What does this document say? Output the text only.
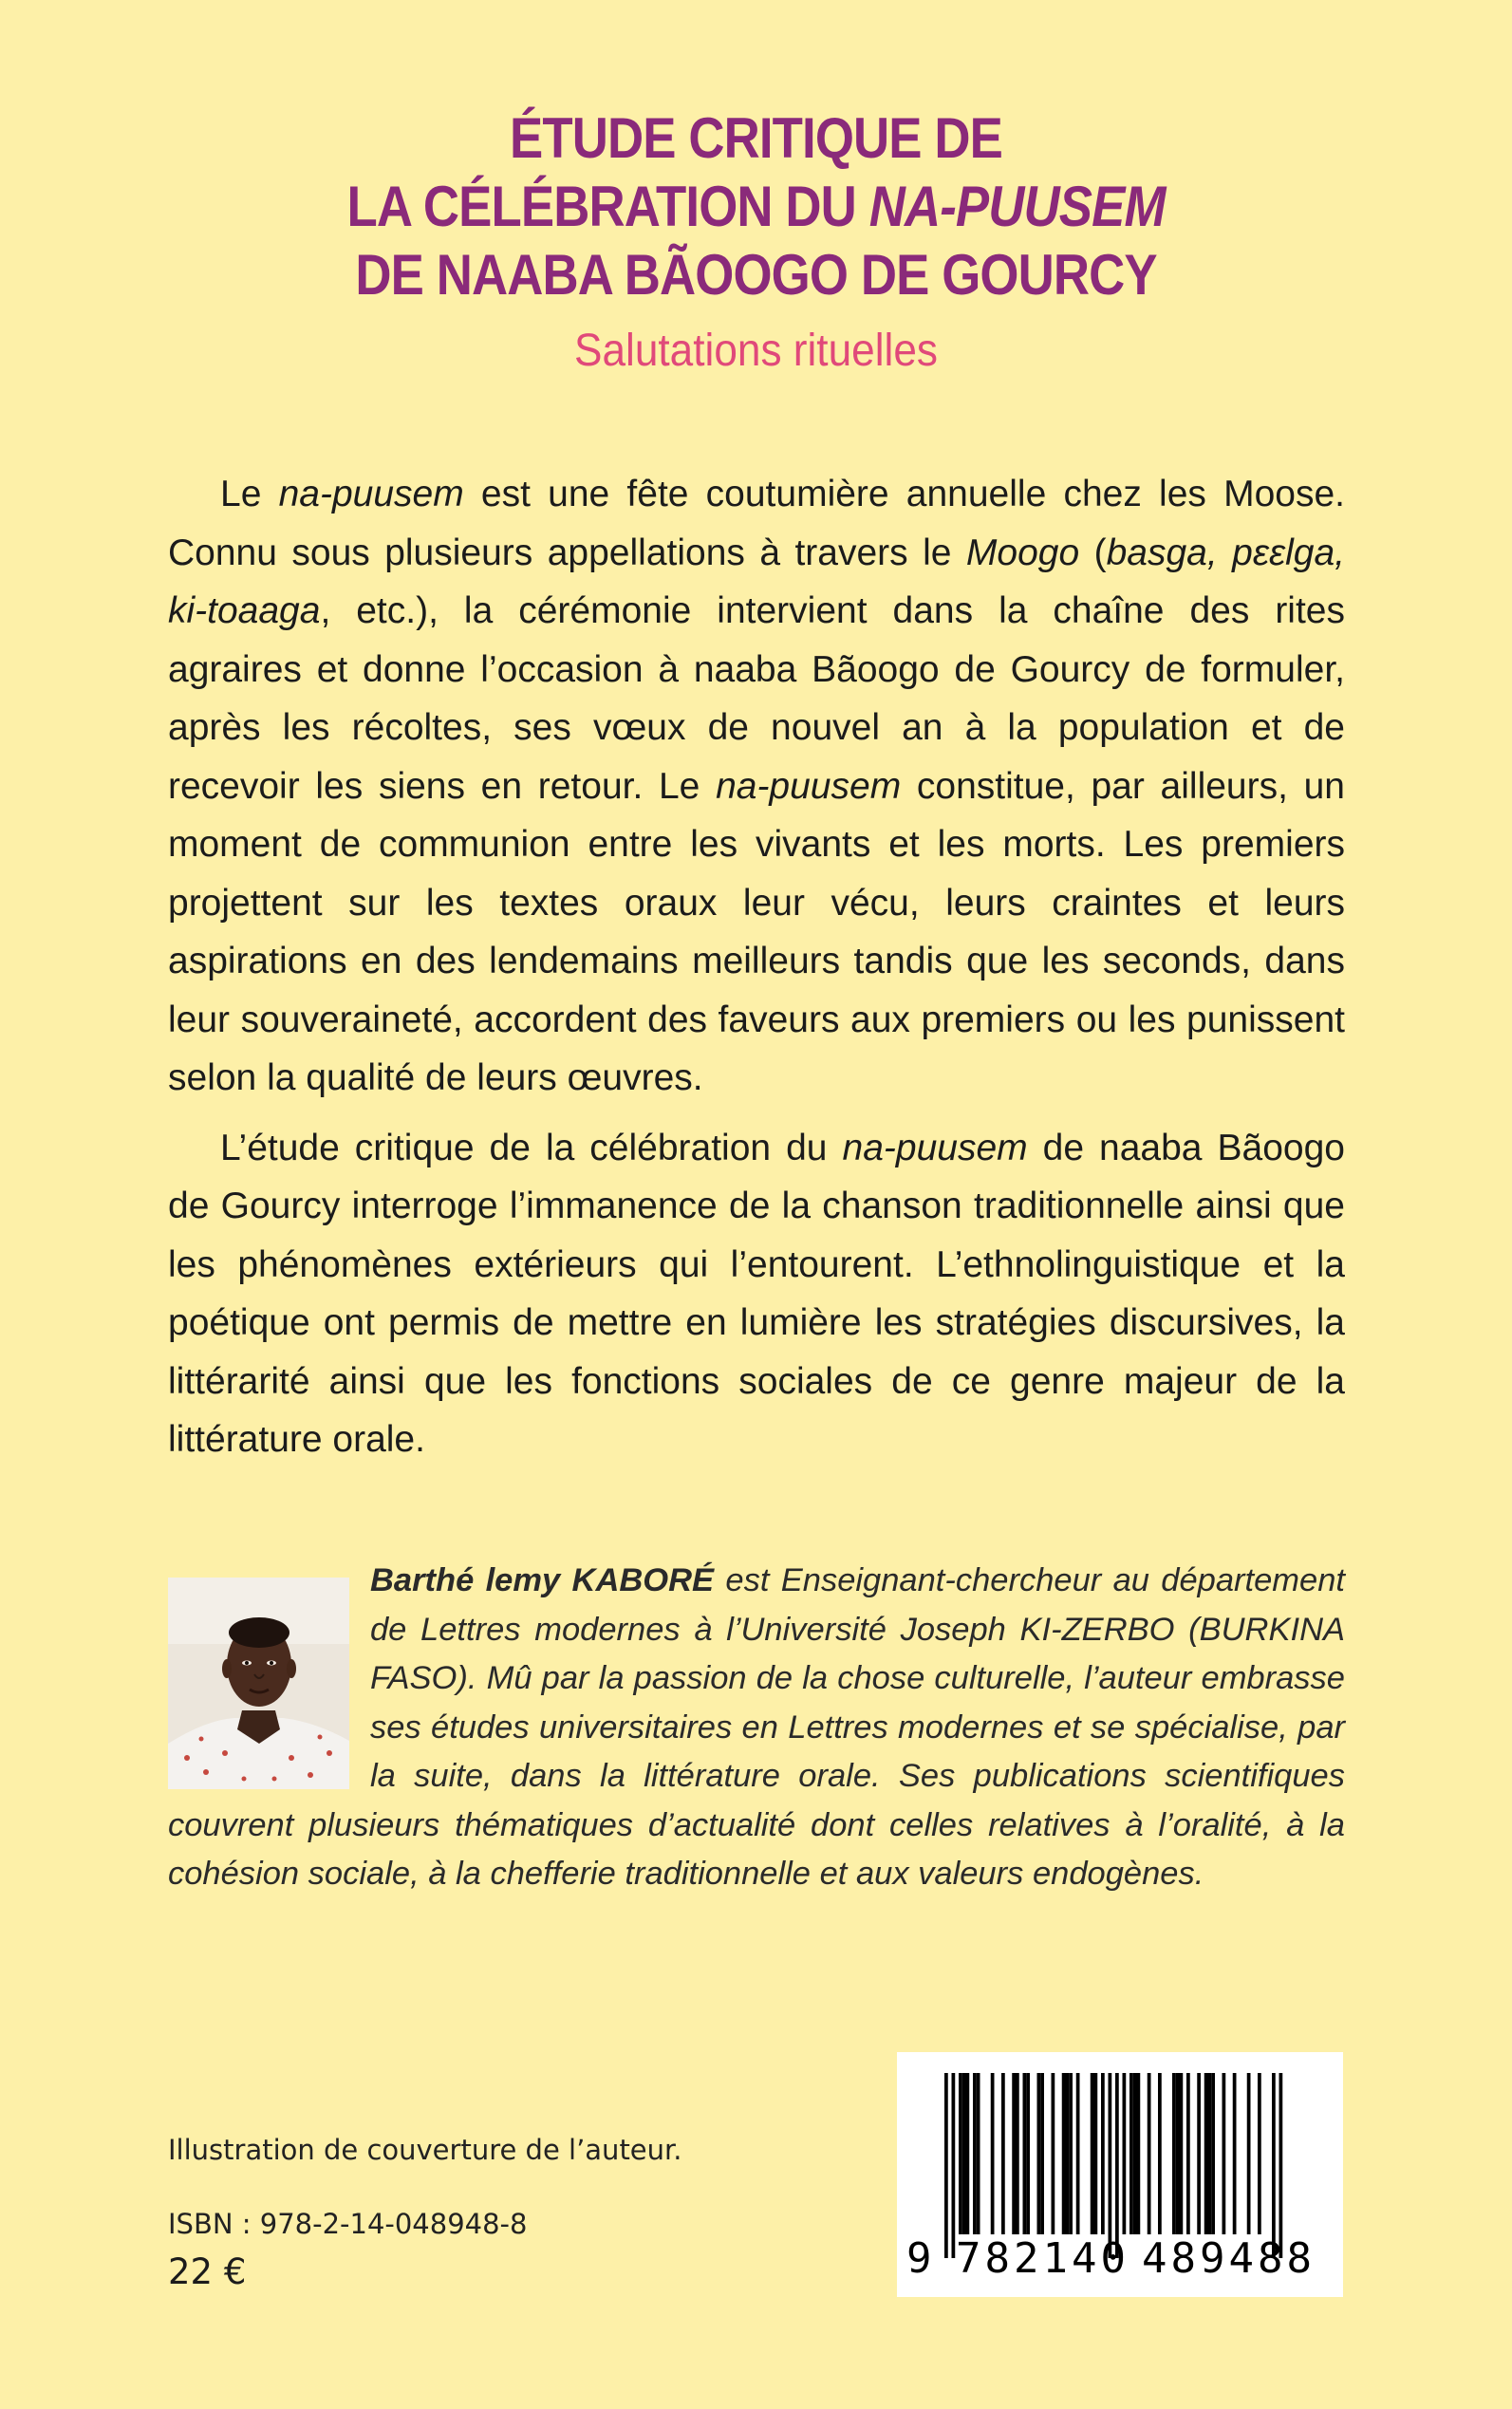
ÉTUDE CRITIQUE DE
LA CÉLÉBRATION DU NA-PUUSEM
DE NAABA BÃOOGO DE GOURCY
Salutations rituelles

Le na-puusem est une fête coutumière annuelle chez les Moose. Connu sous plusieurs appellations à travers le Moogo (basga, pεεlga, ki-toaaga, etc.), la cérémonie intervient dans la chaîne des rites agraires et donne l’occasion à naaba Bãoogo de Gourcy de formuler, après les récoltes, ses vœux de nouvel an à la population et de recevoir les siens en retour. Le na-puusem constitue, par ailleurs, un moment de communion entre les vivants et les morts. Les premiers projettent sur les textes oraux leur vécu, leurs craintes et leurs aspirations en des lendemains meilleurs tandis que les seconds, dans leur souveraineté, accordent des faveurs aux premiers ou les punissent selon la qualité de leurs œuvres.

L’étude critique de la célébration du na-puusem de naaba Bãoogo de Gourcy interroge l’immanence de la chanson traditionnelle ainsi que les phénomènes extérieurs qui l’entourent. L’ethnolinguistique et la poétique ont permis de mettre en lumière les stratégies discursives, la littérarité ainsi que les fonctions sociales de ce genre majeur de la littérature orale.

Barthé lemy KABORÉ est Enseignant-chercheur au département de Lettres modernes à l’Université Joseph KI-ZERBO (BURKINA FASO). Mû par la passion de la chose culturelle, l’auteur embrasse ses études universitaires en Lettres modernes et se spécialise, par la suite, dans la littérature orale. Ses publications scientifiques couvrent plusieurs thématiques d’actualité dont celles relatives à l’oralité, à la cohésion sociale, à la chefferie traditionnelle et aux valeurs endogènes.
Illustration de couverture de l’auteur.
ISBN : 978-2-14-048948-8
22 €	9 782140 489488
